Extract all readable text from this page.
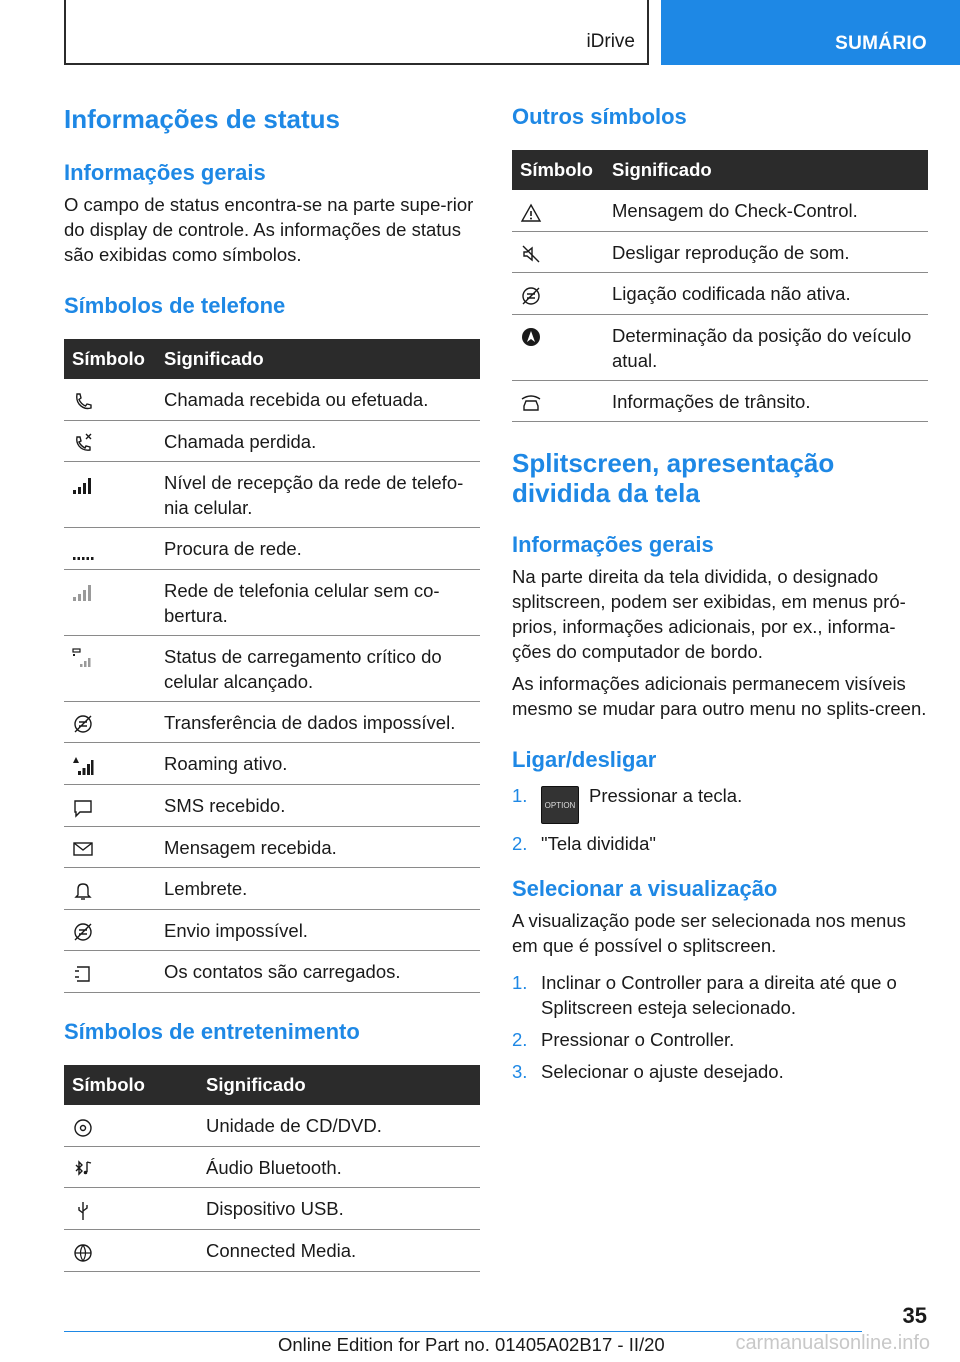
iDrive	SUMÁRIO
Informações de status
Informações gerais

O campo de status encontra-se na parte supe-rior do display de controle. As informações de status são exibidas como símbolos.

Símbolos de telefone
Símbolo	Significado

	Chamada recebida ou efetuada.

	Chamada perdida.

	Nível de recepção da rede de telefo-nia celular.

	Procura de rede.

	Rede de telefonia celular sem co-bertura.

	Status de carregamento crítico do celular alcançado.

	Transferência de dados impossível.

	Roaming ativo.

	SMS recebido.

	Mensagem recebida.

	Lembrete.

	Envio impossível.

	Os contatos são carregados.
Símbolos de entretenimento
Símbolo	Significado

	Unidade de CD/DVD.

	Áudio Bluetooth.

	Dispositivo USB.

	Connected Media.
Outros símbolos
Símbolo	Significado

	Mensagem do Check-Control.

	Desligar reprodução de som.

	Ligação codificada não ativa.

	Determinação da posição do veículo atual.

	Informações de trânsito.
Splitscreen, apresentação dividida da tela
Informações gerais

Na parte direita da tela dividida, o designado splitscreen, podem ser exibidas, em menus pró-prios, informações adicionais, por ex., informa-ções do computador de bordo.

As informações adicionais permanecem visíveis mesmo se mudar para outro menu no splits-creen.

Ligar/desligar
1. OPTION Pressionar a tecla.
2. "Tela dividida"
Selecionar a visualização

A visualização pode ser selecionada nos menus em que é possível o splitscreen.

1. Inclinar o Controller para a direita até que o Splitscreen esteja selecionado.
2. Pressionar o Controller.
3. Selecionar o ajuste desejado.
35
Online Edition for Part no. 01405A02B17 - II/20	carmanualsonline.info
